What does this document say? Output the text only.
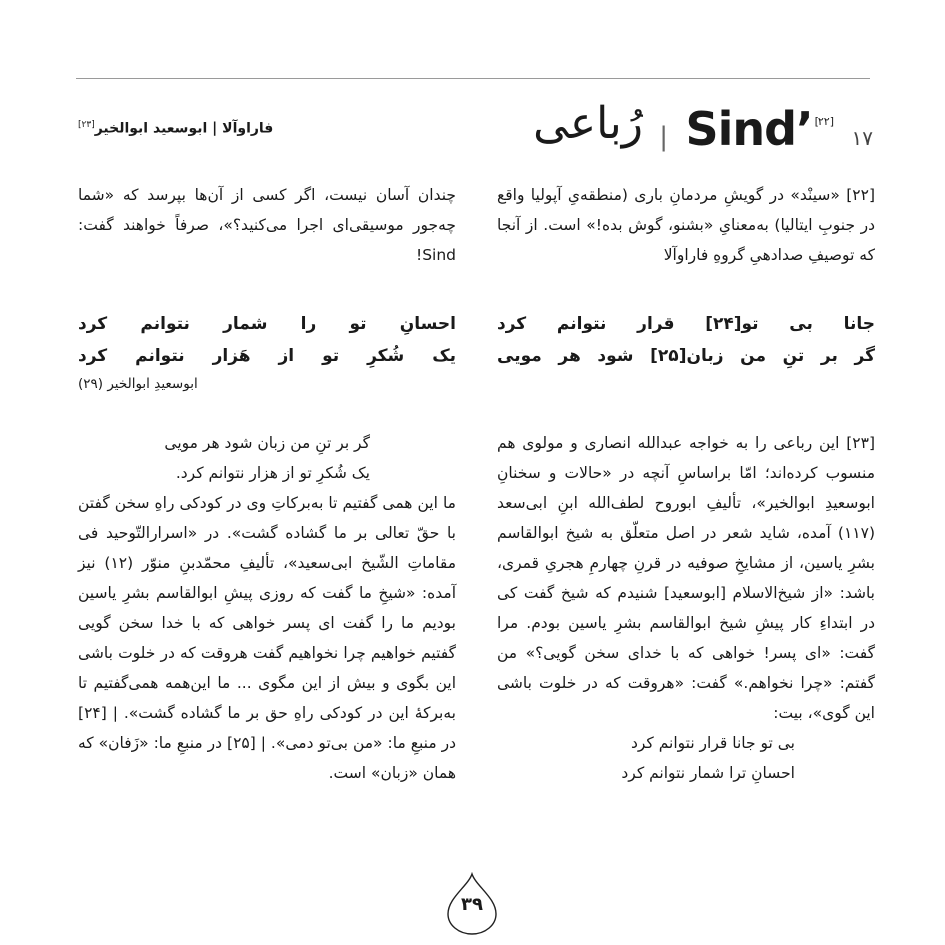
۱۷
Sind’ [۲۲]
|
رُباعی
فاراوآلا | ابوسعید ابوالخیر[۲۳]

[۲۲] «سینْد» در گویشِ مردمانِ باری (منطقه‌یِ آپولیا واقع در جنوبِ ایتالیا) به‌معنایِ «بشنو، گوش بده!» است. از آنجا که توصیفِ صدادهیِ گروهِ فاراوآلا

جانا بی تو[۲۴] قرار نتوانم کرد

گر بر تنِ من زبان[۲۵] شود هر مویی

[۲۳] این رباعی را به خواجه عبدالله انصاری و مولوی هم منسوب کرده‌اند؛ امّا براساسِ آنچه در «حالات و سخنانِ ابوسعیدِ ابوالخیر»، تألیفِ ابوروح لطف‌الله ابنِ ابی‌سعد (۱۱۷) آمده، شاید شعر در اصل متعلّق به شیخ ابوالقاسم بشرِ یاسین، از مشایخِ صوفیه در قرنِ چهارمِ هجریِ قمری، باشد: «از شیخ‌الاسلام [ابوسعید] شنیدم که شیخ گفت کی در ابتداءِ کار پیشِ شیخ ابوالقاسم بشرِ یاسین بودم. مرا گفت: «ای پسر! خواهی که با خدای سخن گویی؟» من گفتم: «چرا نخواهم.» گفت: «هروقت که در خلوت باشی این گوی»، بیت:

بی تو جانا قرار نتوانم کرد

احسانِ ترا شمار نتوانم کرد

چندان آسان نیست، اگر کسی از آن‌ها بپرسد که «شما چه‌جور موسیقی‌ای اجرا می‌کنید؟»، صرفاً خواهند گفت: Sind!

احسانِ تو را شمار نتوانم کرد

یک شُکرِ تو از هَزار نتوانم کرد

ابوسعیدِ ابوالخیر (۲۹)

گر بر تنِ من زبان شود هر مویی

یک شُکرِ تو از هزار نتوانم کرد.

ما این همی گفتیم تا به‌برکاتِ وی در کودکی راهِ سخن گفتن با حقّ تعالی بر ما گشاده گشت». در «اسرارالتّوحید فی مقاماتِ الشّیخ ابی‌سعید»، تألیفِ محمّدبنِ منوّر (۱۲) نیز آمده: «شیخِ ما گفت که روزی پیشِ ابوالقاسم بشرِ یاسین بودیم ما را گفت ای پسر خواهی که با خدا سخن گویی گفتیم خواهیم چرا نخواهیم گفت هروقت که در خلوت باشی این بگوی و بیش از این مگوی ... ما این‌همه همی‌گفتیم تا به‌برکهٔ این در کودکی راهِ حق بر ما گشاده گشت». | [۲۴] در منبعِ ما: «من بی‌تو دمی». | [۲۵] در منبعِ ما: «زَفان» که همان «زبان» است.

۳۹
